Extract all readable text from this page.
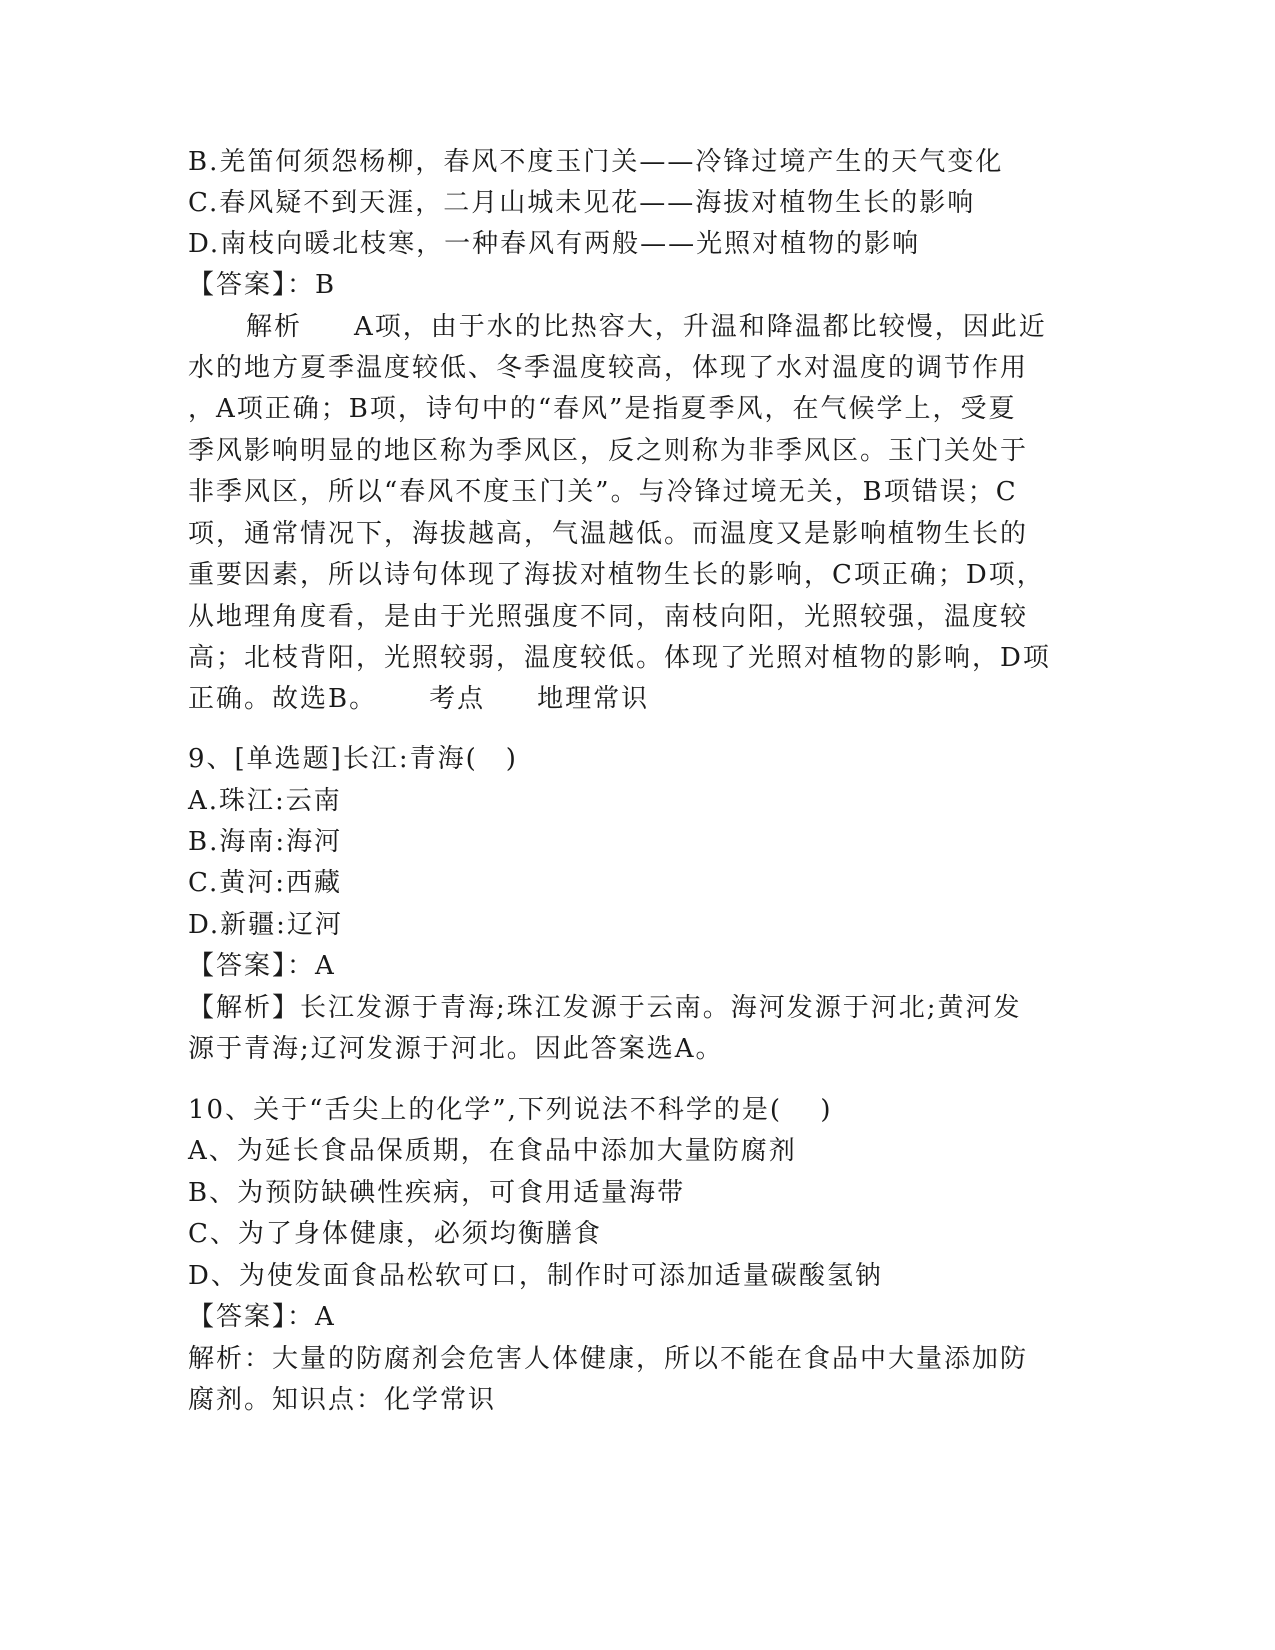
B.羌笛何须怨杨柳，春风不度玉门关——冷锋过境产生的天气变化
C.春风疑不到天涯，二月山城未见花——海拔对植物生长的影响
D.南枝向暖北枝寒，一种春风有两般——光照对植物的影响
【答案】：B
解析 A项，由于水的比热容大，升温和降温都比较慢，因此近
水的地方夏季温度较低、冬季温度较高，体现了水对温度的调节作用
，A项正确；B项，诗句中的“春风”是指夏季风，在气候学上，受夏
季风影响明显的地区称为季风区，反之则称为非季风区。玉门关处于
非季风区，所以“春风不度玉门关”。与冷锋过境无关，B项错误；C
项，通常情况下，海拔越高，气温越低。而温度又是影响植物生长的
重要因素，所以诗句体现了海拔对植物生长的影响，C项正确；D项，
从地理角度看，是由于光照强度不同，南枝向阳，光照较强，温度较
高；北枝背阳，光照较弱，温度较低。体现了光照对植物的影响，D项
正确。故选B。 考点 地理常识
9、[单选题]长江:青海(　)
A.珠江:云南
B.海南:海河
C.黄河:西藏
D.新疆:辽河
【答案】：A
【解析】长江发源于青海;珠江发源于云南。海河发源于河北;黄河发
源于青海;辽河发源于河北。因此答案选A。
10、关于“舌尖上的化学”,下列说法不科学的是(　 )
A、为延长食品保质期，在食品中添加大量防腐剂
B、为预防缺碘性疾病，可食用适量海带
C、为了身体健康，必须均衡膳食
D、为使发面食品松软可口，制作时可添加适量碳酸氢钠
【答案】：A
解析：大量的防腐剂会危害人体健康，所以不能在食品中大量添加防
腐剂。知识点：化学常识
